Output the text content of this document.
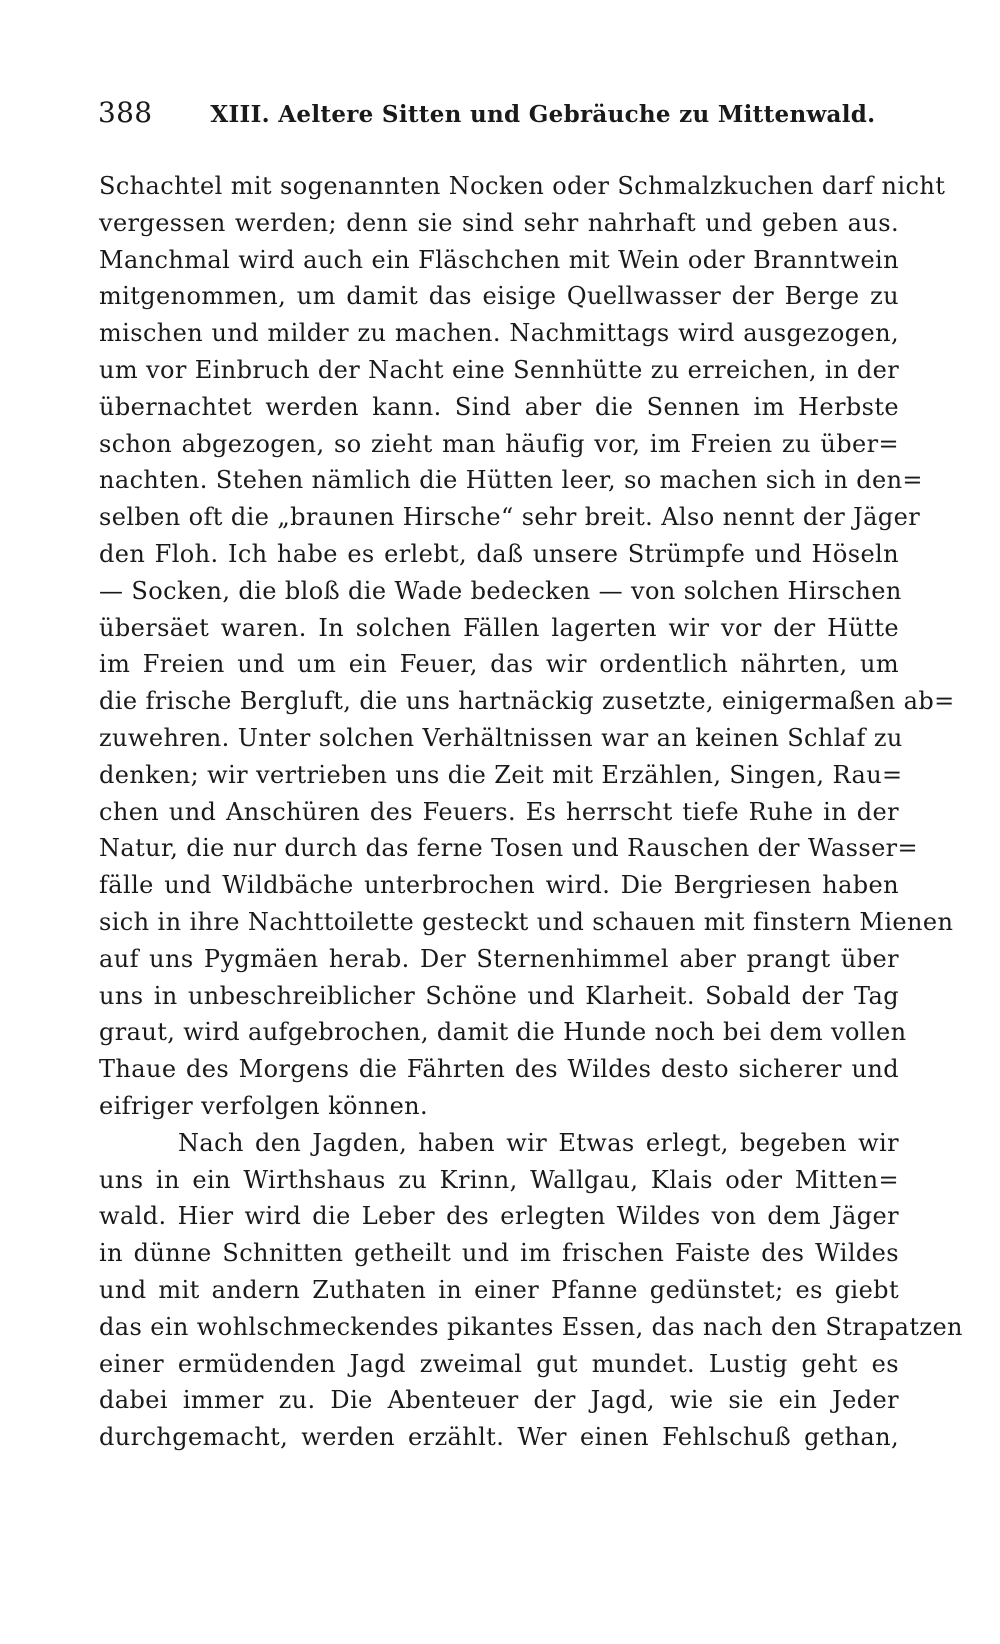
388	XIII. Aeltere Sitten und Gebräuche zu Mittenwald.
Schachtel mit sogenannten Nocken oder Schmalzkuchen darf nicht
vergessen werden; denn sie sind sehr nahrhaft und geben aus.
Manchmal wird auch ein Fläschchen mit Wein oder Branntwein
mitgenommen, um damit das eisige Quellwasser der Berge zu
mischen und milder zu machen. Nachmittags wird ausgezogen,
um vor Einbruch der Nacht eine Sennhütte zu erreichen, in der
übernachtet werden kann. Sind aber die Sennen im Herbste
schon abgezogen, so zieht man häufig vor, im Freien zu über=
nachten. Stehen nämlich die Hütten leer, so machen sich in den=
selben oft die „braunen Hirsche“ sehr breit. Also nennt der Jäger
den Floh. Ich habe es erlebt, daß unsere Strümpfe und Höseln
— Socken, die bloß die Wade bedecken — von solchen Hirschen
übersäet waren. In solchen Fällen lagerten wir vor der Hütte
im Freien und um ein Feuer, das wir ordentlich nährten, um
die frische Bergluft, die uns hartnäckig zusetzte, einigermaßen ab=
zuwehren. Unter solchen Verhältnissen war an keinen Schlaf zu
denken; wir vertrieben uns die Zeit mit Erzählen, Singen, Rau=
chen und Anschüren des Feuers. Es herrscht tiefe Ruhe in der
Natur, die nur durch das ferne Tosen und Rauschen der Wasser=
fälle und Wildbäche unterbrochen wird. Die Bergriesen haben
sich in ihre Nachttoilette gesteckt und schauen mit finstern Mienen
auf uns Pygmäen herab. Der Sternenhimmel aber prangt über
uns in unbeschreiblicher Schöne und Klarheit. Sobald der Tag
graut, wird aufgebrochen, damit die Hunde noch bei dem vollen
Thaue des Morgens die Fährten des Wildes desto sicherer und
eifriger verfolgen können.
Nach den Jagden, haben wir Etwas erlegt, begeben wir
uns in ein Wirthshaus zu Krinn, Wallgau, Klais oder Mitten=
wald. Hier wird die Leber des erlegten Wildes von dem Jäger
in dünne Schnitten getheilt und im frischen Faiste des Wildes
und mit andern Zuthaten in einer Pfanne gedünstet; es giebt
das ein wohlschmeckendes pikantes Essen, das nach den Strapatzen
einer ermüdenden Jagd zweimal gut mundet. Lustig geht es
dabei immer zu. Die Abenteuer der Jagd, wie sie ein Jeder
durchgemacht, werden erzählt. Wer einen Fehlschuß gethan,
